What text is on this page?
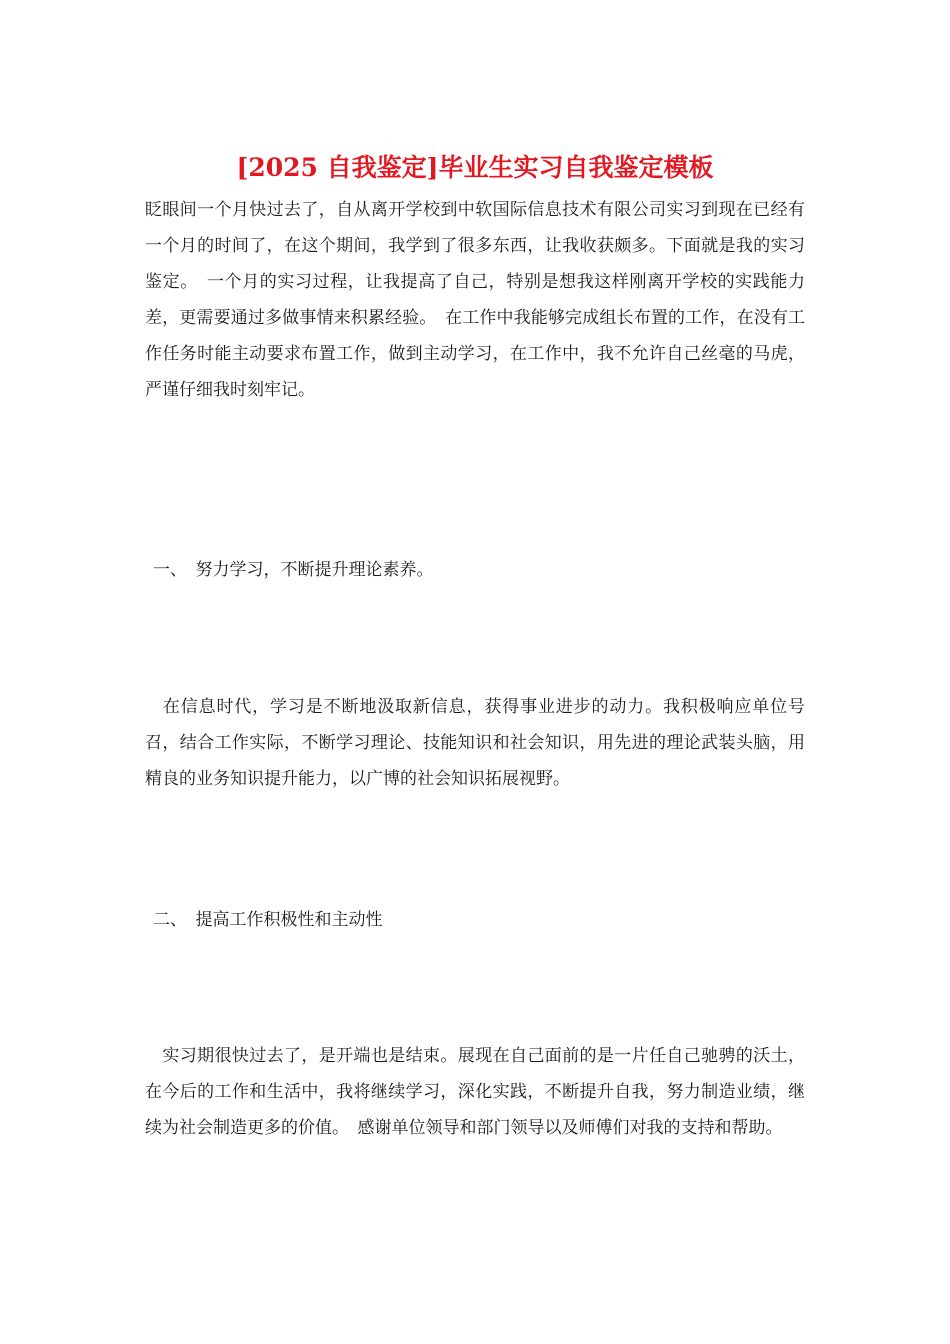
[2025 自我鉴定]毕业生实习自我鉴定模板

眨眼间一个月快过去了，自从离开学校到中软国际信息技术有限公司实习到现在已经有一个月的时间了，在这个期间，我学到了很多东西，让我收获颇多。下面就是我的实习鉴定。　一个月的实习过程，让我提高了自己，特别是想我这样刚离开学校的实践能力差，更需要通过多做事情来积累经验。　在工作中我能够完成组长布置的工作，在没有工作任务时能主动要求布置工作，做到主动学习，在工作中，我不允许自己丝毫的马虎，严谨仔细我时刻牢记。

一、　努力学习，不断提升理论素养。

　在信息时代，学习是不断地汲取新信息，获得事业进步的动力。我积极响应单位号召，结合工作实际，不断学习理论、技能知识和社会知识，用先进的理论武装头脑，用精良的业务知识提升能力，以广博的社会知识拓展视野。

二、　提高工作积极性和主动性

　实习期很快过去了，是开端也是结束。展现在自己面前的是一片任自己驰骋的沃土，在今后的工作和生活中，我将继续学习，深化实践，不断提升自我，努力制造业绩，继续为社会制造更多的价值。　感谢单位领导和部门领导以及师傅们对我的支持和帮助。
